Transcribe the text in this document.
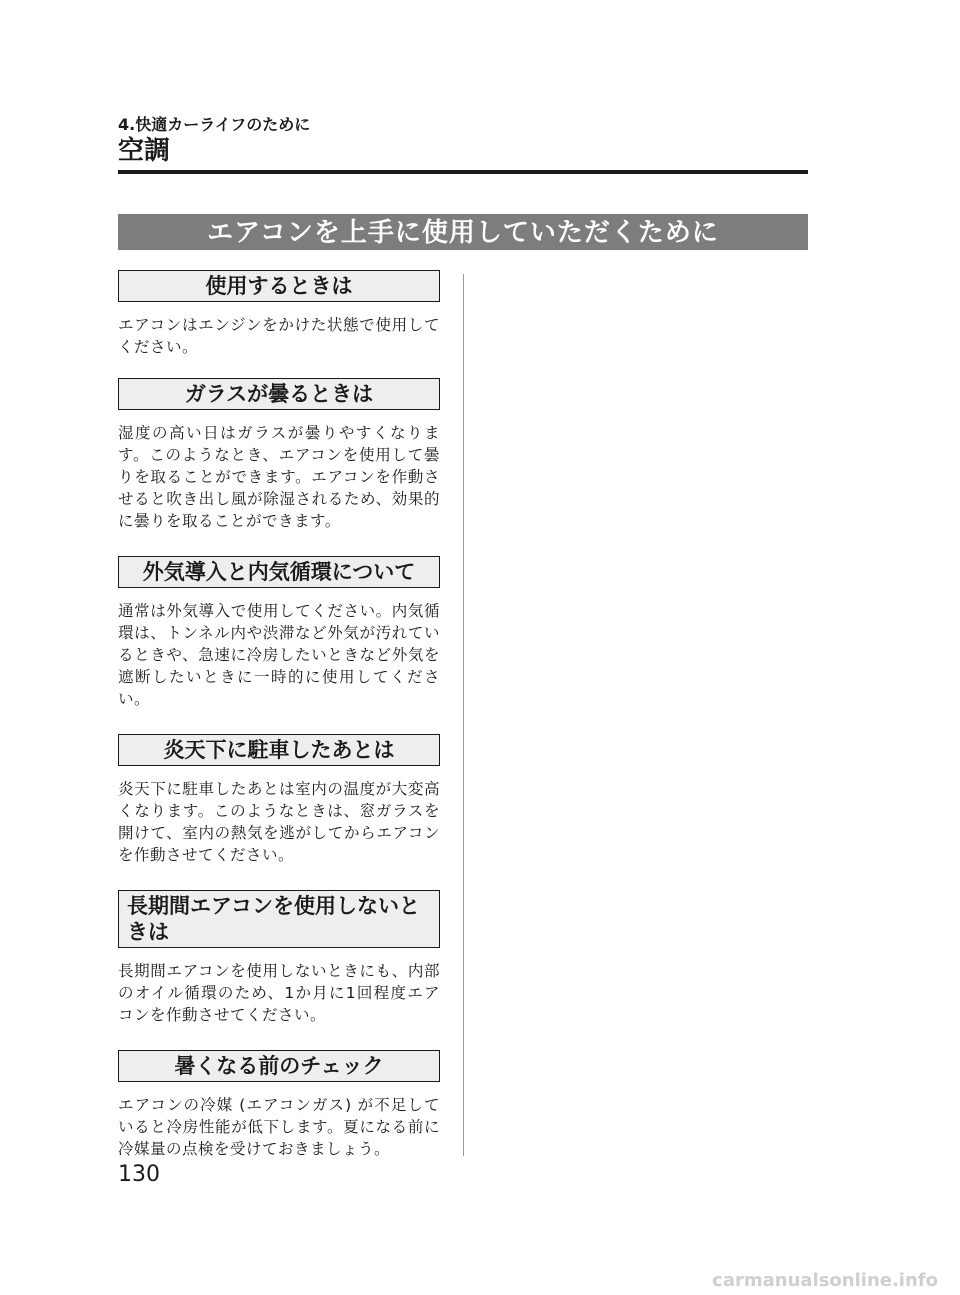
4.快適カーライフのために
空調
エアコンを上手に使用していただくために
使用するときは

エアコンはエンジンをかけた状態で使用してください。

ガラスが曇るときは

湿度の高い日はガラスが曇りやすくなります。このようなとき、エアコンを使用して曇りを取ることができます。エアコンを作動させると吹き出し風が除湿されるため、効果的に曇りを取ることができます。

外気導入と内気循環について

通常は外気導入で使用してください。内気循環は、トンネル内や渋滞など外気が汚れているときや、急速に冷房したいときなど外気を遮断したいときに一時的に使用してください。

炎天下に駐車したあとは

炎天下に駐車したあとは室内の温度が大変高くなります。このようなときは、窓ガラスを開けて、室内の熱気を逃がしてからエアコンを作動させてください。

長期間エアコンを使用しないときは

長期間エアコンを使用しないときにも、内部のオイル循環のため、1か月に1回程度エアコンを作動させてください。

暑くなる前のチェック

エアコンの冷媒 (エアコンガス) が不足していると冷房性能が低下します。夏になる前に冷媒量の点検を受けておきましょう。

130
carmanualsonline.info
